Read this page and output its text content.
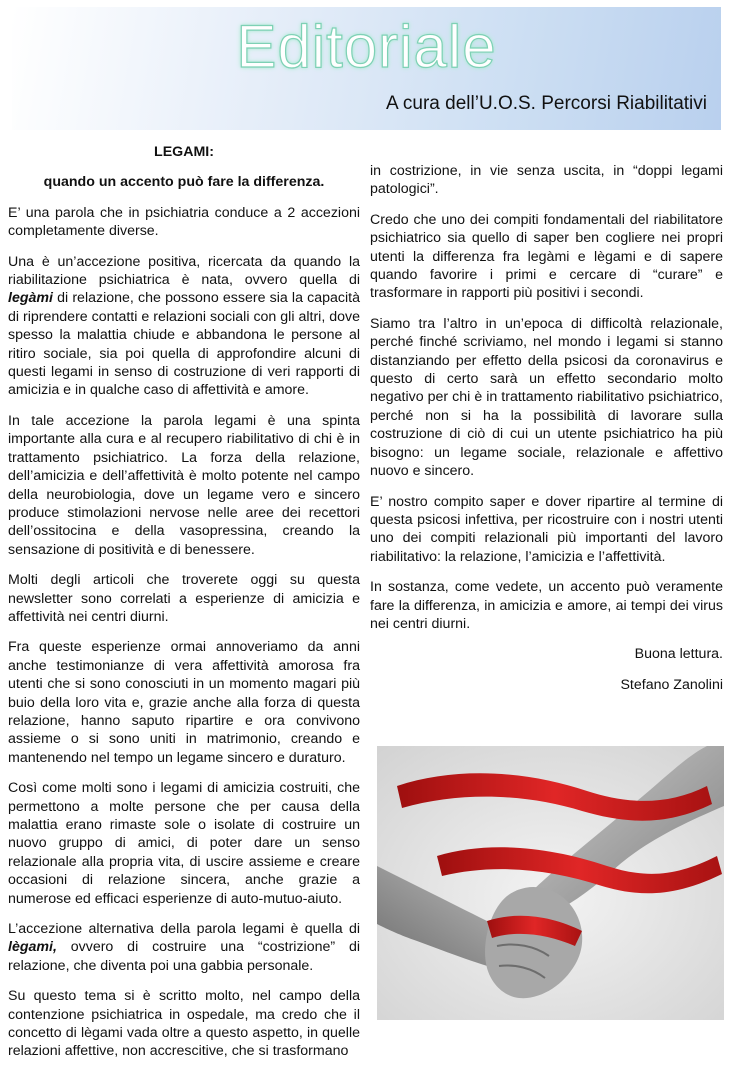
Editoriale
A cura dell’U.O.S. Percorsi Riabilitativi

LEGAMI:

quando un accento può fare la differenza.

E’ una parola che in psichiatria conduce a 2 accezioni completamente diverse.

Una è un’accezione positiva, ricercata da quando la riabilitazione psichiatrica è nata, ovvero quella di legàmi di relazione, che possono essere sia la capacità di riprendere contatti e relazioni sociali con gli altri, dove spesso la malattia chiude e abbandona le persone al ritiro sociale, sia poi quella di approfondire alcuni di questi legami in senso di costruzione di veri rapporti di amicizia e in qualche caso di affettività e amore.

In tale accezione la parola legami è una spinta importante alla cura e al recupero riabilitativo di chi è in trattamento psichiatrico. La forza della relazione, dell’amicizia e dell’affettività è molto potente nel campo della neurobiologia, dove un legame vero e sincero produce stimolazioni nervose nelle aree dei recettori dell’ossitocina e della vasopressina, creando la sensazione di positività e di benessere.

Molti degli articoli che troverete oggi su questa newsletter sono correlati a esperienze di amicizia e affettività nei centri diurni.

Fra queste esperienze ormai annoveriamo da anni anche testimonianze di vera affettività amorosa fra utenti che si sono conosciuti in un momento magari più buio della loro vita e, grazie anche alla forza di questa relazione, hanno saputo ripartire e ora convivono assieme o si sono uniti in matrimonio, creando e mantenendo nel tempo un legame sincero e duraturo.

Così come molti sono i legami di amicizia costruiti, che permettono a molte persone che per causa della malattia erano rimaste sole o isolate di costruire un nuovo gruppo di amici, di poter dare un senso relazionale alla propria vita, di uscire assieme e creare occasioni di relazione sincera, anche grazie a numerose ed efficaci esperienze di auto-mutuo-aiuto.

L’accezione alternativa della parola legami è quella di lègami, ovvero di costruire una “costrizione” di relazione, che diventa poi una gabbia personale.

Su questo tema si è scritto molto, nel campo della contenzione psichiatrica in ospedale, ma credo che il concetto di lègami vada oltre a questo aspetto, in quelle relazioni affettive, non accrescitive, che si trasformano

in costrizione, in vie senza uscita, in “doppi legami patologici”.

Credo che uno dei compiti fondamentali del riabilitatore psichiatrico sia quello di saper ben cogliere nei propri utenti la differenza fra legàmi e lègami e di sapere quando favorire i primi e cercare di “curare” e trasformare in rapporti più positivi i secondi.

Siamo tra l’altro in un’epoca di difficoltà relazionale, perché finché scriviamo, nel mondo i legami si stanno distanziando per effetto della psicosi da coronavirus e questo di certo sarà un effetto secondario molto negativo per chi è in trattamento riabilitativo psichiatrico, perché non si ha la possibilità di lavorare sulla costruzione di ciò di cui un utente psichiatrico ha più bisogno: un legame sociale, relazionale e affettivo nuovo e sincero.

E’ nostro compito saper e dover ripartire al termine di questa psicosi infettiva, per ricostruire con i nostri utenti uno dei compiti relazionali più importanti del lavoro riabilitativo: la relazione, l’amicizia e l’affettività.

In sostanza, come vedete, un accento può veramente fare la differenza, in amicizia e amore, ai tempi dei virus nei centri diurni.

Buona lettura.

Stefano Zanolini
